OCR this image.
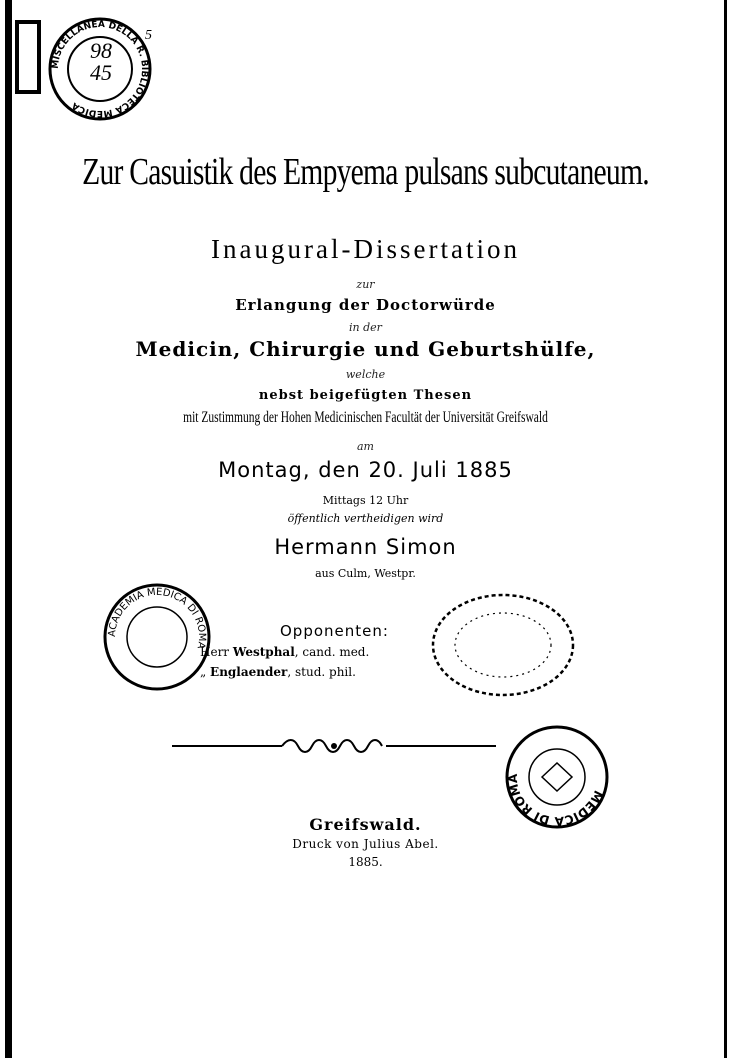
MISCELLANEA DELLA R. BIBLIOTECA MEDICA
98
45
5
Zur Casuistik des Empyema pulsans subcutaneum.
Inaugural-Dissertation
zur
Erlangung der Doctorwürde
in der
Medicin, Chirurgie und Geburtshülfe,
welche
nebst beigefügten Thesen
mit Zustimmung der Hohen Medicinischen Facultät der Universität Greifswald
am
Montag, den 20. Juli 1885
Mittags 12 Uhr
öffentlich vertheidigen wird
Hermann Simon
aus Culm, Westpr.
ACADEMIA MEDICA DI ROMA
Opponenten:
Herr Westphal, cand. med.
„ Englaender, stud. phil.
MEDICA DI ROMA
Greifswald.
Druck von Julius Abel.
1885.
